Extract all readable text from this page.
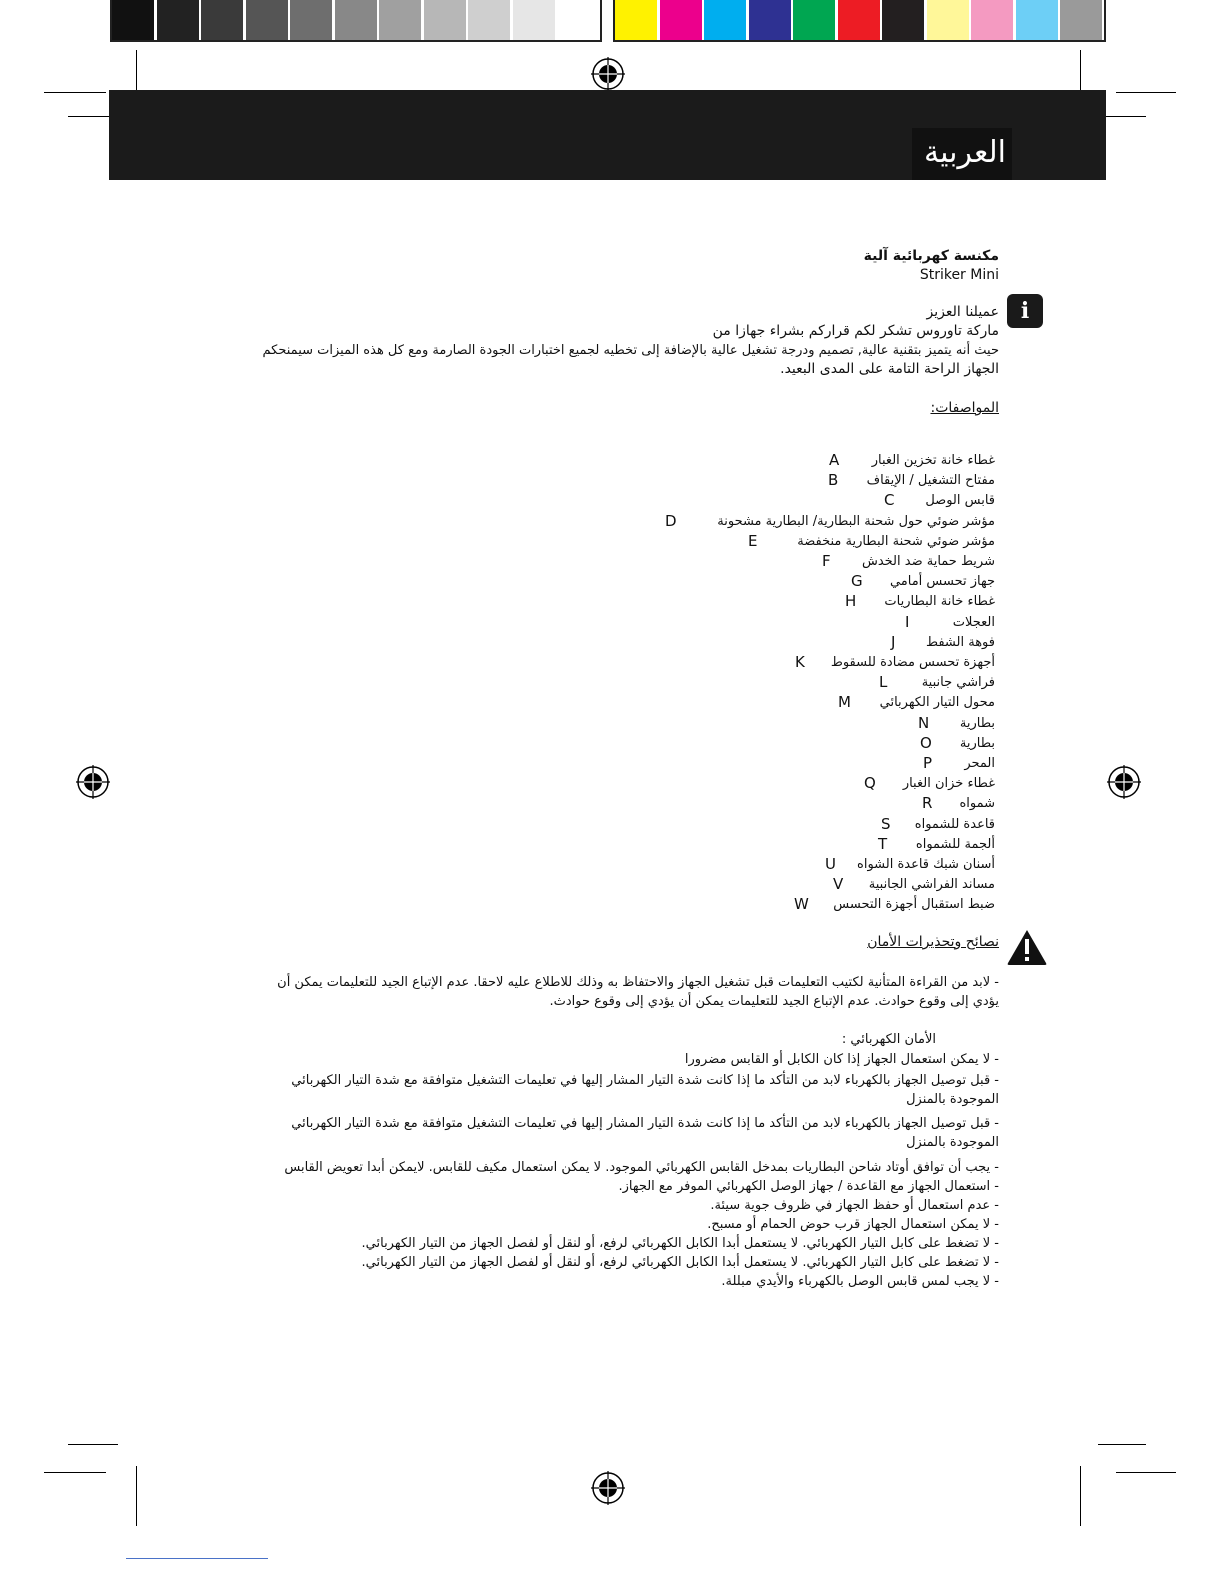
العربية
مكنسة كهربائية آلية
Striker Mini
i
عميلنا العزيز
ماركة تاوروس تشكر لكم قراركم بشراء جهازا من
حيث أنه يتميز بتقنية عالية, تصميم ودرجة تشغيل عالية بالإضافة إلى تخطيه لجميع اختبارات الجودة الصارمة ومع كل هذه الميزات سيمنحكم
الجهاز الراحة التامة على المدى البعيد.
المواصفات:
غطاء خانة تخزين الغبار
A
مفتاح التشغيل / الإيقاف
B
قابس الوصل
C
مؤشر ضوئي حول شحنة البطارية/ البطارية مشحونة
D
مؤشر ضوئي شحنة البطارية منخفضة
E
شريط حماية ضد الخدش
F
جهاز تحسس أمامي
G
غطاء خانة البطاريات
H
العجلات
I
فوهة الشفط
J
أجهزة تحسس مضادة للسقوط
K
فراشي جانبية
L
محول التيار الكهربائي
M
بطارية
N
بطارية
O
المحر
P
غطاء خزان الغبار
Q
شمواه
R
قاعدة للشمواه
S
ألجمة للشمواه
T
أسنان شبك قاعدة الشواه
U
مساند الفراشي الجانبية
V
ضبط استقبال أجهزة التحسس
W
نصائح وتحذيرات الأمان
- لابد من القراءة المتأنية لكتيب التعليمات قبل تشغيل الجهاز والاحتفاظ به وذلك للاطلاع عليه لاحقا. عدم الإتباع الجيد للتعليمات يمكن أن
يؤدي إلى وقوع حوادث. عدم الإتباع الجيد للتعليمات يمكن أن يؤدي إلى وقوع حوادث.
الأمان الكهربائي :
- لا يمكن استعمال الجهاز إذا كان الكابل أو القابس مضرورا
- قبل توصيل الجهاز بالكهرباء لابد من التأكد ما إذا كانت شدة التيار المشار إليها في تعليمات التشغيل متوافقة مع شدة التيار الكهربائي الموجودة بالمنزل
- قبل توصيل الجهاز بالكهرباء لابد من التأكد ما إذا كانت شدة التيار المشار إليها في تعليمات التشغيل متوافقة مع شدة التيار الكهربائي الموجودة بالمنزل
- يجب أن توافق أوتاد شاحن البطاريات بمدخل القابس الكهربائي الموجود. لا يمكن استعمال مكيف للقابس. لايمكن أبدا تعويض القابس
- استعمال الجهاز مع القاعدة / جهاز الوصل الكهربائي الموفر مع الجهاز.
- عدم استعمال أو حفظ الجهاز في ظروف جوية سيئة.
- لا يمكن استعمال الجهاز قرب حوض الحمام أو مسبح.
- لا تضغط على كابل التيار الكهربائي. لا يستعمل أبدا الكابل الكهربائي لرفع، أو لنقل أو لفصل الجهاز من التيار الكهربائي.
- لا تضغط على كابل التيار الكهربائي. لا يستعمل أبدا الكابل الكهربائي لرفع، أو لنقل أو لفصل الجهاز من التيار الكهربائي.
- لا يجب لمس قابس الوصل بالكهرباء والأيدي مبللة.
